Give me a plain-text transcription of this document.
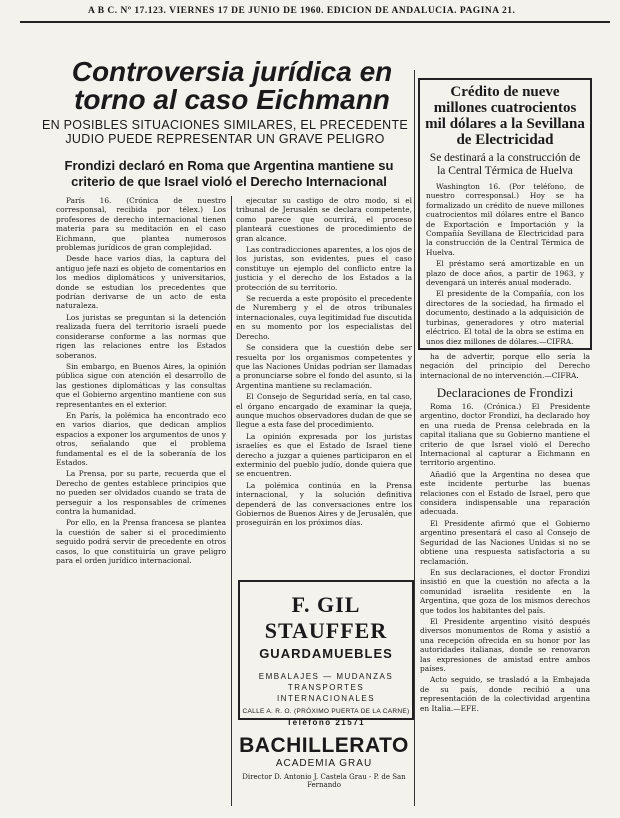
A B C. Nº 17.123. VIERNES 17 DE JUNIO DE 1960. EDICION DE ANDALUCIA. PAGINA 21.
Controversia jurídica en torno al caso Eichmann
EN POSIBLES SITUACIONES SIMILARES, EL PRECEDENTE JUDIO PUEDE REPRESENTAR UN GRAVE PELIGRO
Frondizi declaró en Roma que Argentina mantiene su criterio de que Israel violó el Derecho Internacional

París 16. (Crónica de nuestro corresponsal, recibida por télex.) Los profesores de derecho internacional tienen materia para su meditación en el caso Eichmann, que plantea numerosos problemas jurídicos de gran complejidad.

Desde hace varios días, la captura del antiguo jefe nazi es objeto de comentarios en los medios diplomáticos y universitarios, donde se estudian los precedentes que podrían derivarse de un acto de esta naturaleza.

Los juristas se preguntan si la detención realizada fuera del territorio israelí puede considerarse conforme a las normas que rigen las relaciones entre los Estados soberanos.

Sin embargo, en Buenos Aires, la opinión pública sigue con atención el desarrollo de las gestiones diplomáticas y las consultas que el Gobierno argentino mantiene con sus representantes en el exterior.

En París, la polémica ha encontrado eco en varios diarios, que dedican amplios espacios a exponer los argumentos de unos y otros, señalando que el problema fundamental es el de la soberanía de los Estados.

La Prensa, por su parte, recuerda que el Derecho de gentes establece principios que no pueden ser olvidados cuando se trata de perseguir a los responsables de crímenes contra la humanidad.

Por ello, en la Prensa francesa se plantea la cuestión de saber si el procedimiento seguido podrá servir de precedente en otros casos, lo que constituiría un grave peligro para el orden jurídico internacional.

ejecutar su castigo de otro modo, si el tribunal de Jerusalén se declara competente, como parece que ocurrirá, el proceso planteará cuestiones de procedimiento de gran alcance.

Las contradicciones aparentes, a los ojos de los juristas, son evidentes, pues el caso constituye un ejemplo del conflicto entre la justicia y el derecho de los Estados a la protección de su territorio.

Se recuerda a este propósito el precedente de Nuremberg y el de otros tribunales internacionales, cuya legitimidad fue discutida en su momento por los especialistas del Derecho.

Se considera que la cuestión debe ser resuelta por los organismos competentes y que las Naciones Unidas podrían ser llamadas a pronunciarse sobre el fondo del asunto, si la Argentina mantiene su reclamación.

El Consejo de Seguridad sería, en tal caso, el órgano encargado de examinar la queja, aunque muchos observadores dudan de que se llegue a esta fase del procedimiento.

La opinión expresada por los juristas israelíes es que el Estado de Israel tiene derecho a juzgar a quienes participaron en el exterminio del pueblo judío, donde quiera que se encuentren.

La polémica continúa en la Prensa internacional, y la solución definitiva dependerá de las conversaciones entre los Gobiernos de Buenos Aires y de Jerusalén, que proseguirán en los próximos días.

F. GIL STAUFFER
GUARDAMUEBLES
EMBALAJES — MUDANZAS
TRANSPORTES
INTERNACIONALES
CALLE A. R. O. (PRÓXIMO PUERTA DE LA CARNE)
Teléfono 21571
BACHILLERATO
ACADEMIA GRAU
Director D. Antonio J. Castela Grau - P. de San Fernando
Crédito de nueve millones cuatrocientos mil dólares a la Sevillana de Electricidad
Se destinará a la construcción de la Central Térmica de Huelva

Washington 16. (Por teléfono, de nuestro corresponsal.) Hoy se ha formalizado un crédito de nueve millones cuatrocientos mil dólares entre el Banco de Exportación e Importación y la Compañía Sevillana de Electricidad para la construcción de la Central Térmica de Huelva.

El préstamo será amortizable en un plazo de doce años, a partir de 1963, y devengará un interés anual moderado.

El presidente de la Compañía, con los directores de la sociedad, ha firmado el documento, destinado a la adquisición de turbinas, generadores y otro material eléctrico. El total de la obra se estima en unos diez millones de dólares.—CIFRA.

ha de advertir, porque ello sería la negación del principio del Derecho internacional de no intervención.—CIFRA.

Declaraciones de Frondizi

Roma 16. (Crónica.) El Presidente argentino, doctor Frondizi, ha declarado hoy en una rueda de Prensa celebrada en la capital italiana que su Gobierno mantiene el criterio de que Israel violó el Derecho Internacional al capturar a Eichmann en territorio argentino.

Añadió que la Argentina no desea que este incidente perturbe las buenas relaciones con el Estado de Israel, pero que considera indispensable una reparación adecuada.

El Presidente afirmó que el Gobierno argentino presentará el caso al Consejo de Seguridad de las Naciones Unidas si no se obtiene una respuesta satisfactoria a su reclamación.

En sus declaraciones, el doctor Frondizi insistió en que la cuestión no afecta a la comunidad israelita residente en la Argentina, que goza de los mismos derechos que todos los habitantes del país.

El Presidente argentino visitó después diversos monumentos de Roma y asistió a una recepción ofrecida en su honor por las autoridades italianas, donde se renovaron las expresiones de amistad entre ambos países.

Acto seguido, se trasladó a la Embajada de su país, donde recibió a una representación de la colectividad argentina en Italia.—EFE.
